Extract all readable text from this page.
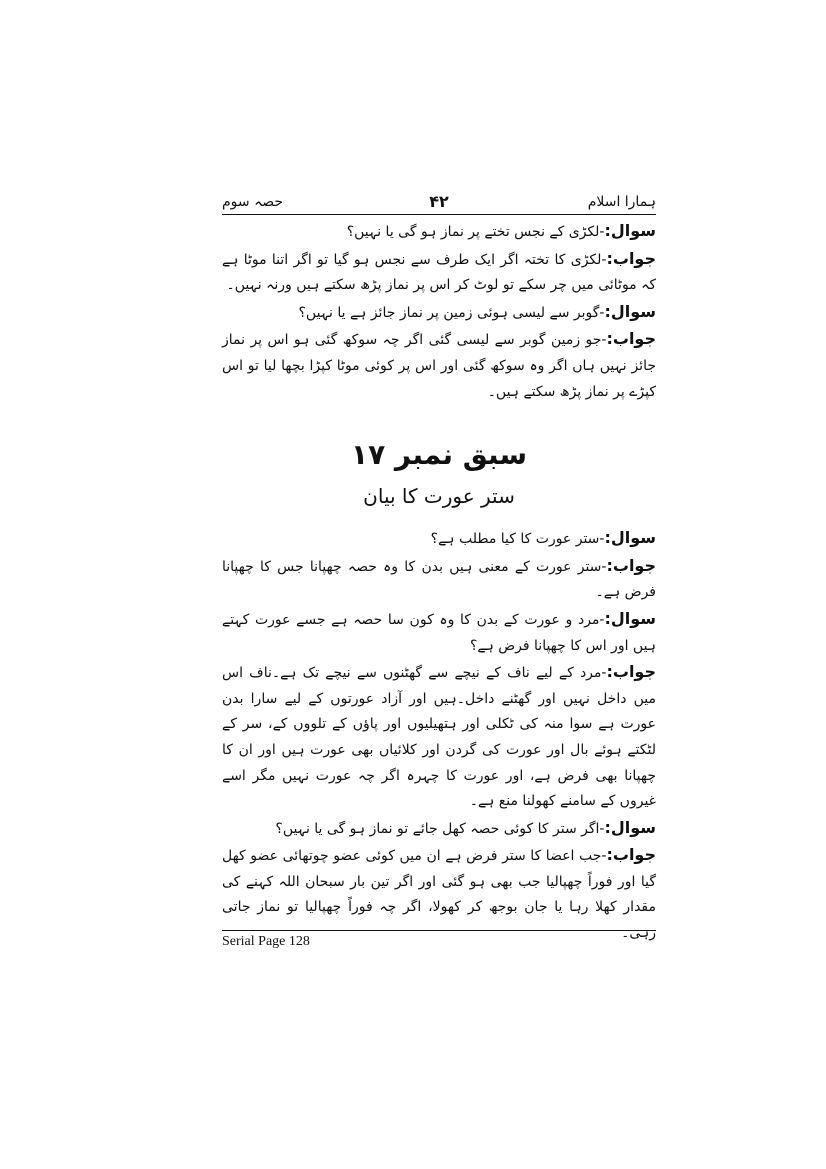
ہمارا اسلام
۴۲
حصہ سوم

سوال:-لکڑی کے نجس تختے پر نماز ہو گی یا نہیں؟

جواب:-لکڑی کا تختہ اگر ایک طرف سے نجس ہو گیا تو اگر اتنا موٹا ہے کہ موٹائی میں چر سکے تو لوٹ کر اس پر نماز پڑھ سکتے ہیں ورنہ نہیں۔

سوال:-گوبر سے لیسی ہوئی زمین پر نماز جائز ہے یا نہیں؟

جواب:-جو زمین گوبر سے لیسی گئی اگر چہ سوکھ گئی ہو اس پر نماز جائز نہیں ہاں اگر وہ سوکھ گئی اور اس پر کوئی موٹا کپڑا بچھا لیا تو اس کپڑے پر نماز پڑھ سکتے ہیں۔

سبق نمبر ۱۷
ستر عورت کا بیان

سوال:-ستر عورت کا کیا مطلب ہے؟

جواب:-ستر عورت کے معنی ہیں بدن کا وہ حصہ چھپانا جس کا چھپانا فرض ہے۔

سوال:-مرد و عورت کے بدن کا وہ کون سا حصہ ہے جسے عورت کہتے ہیں اور اس کا چھپانا فرض ہے؟

جواب:-مرد کے لیے ناف کے نیچے سے گھٹنوں سے نیچے تک ہے۔ناف اس میں داخل نہیں اور گھٹنے داخل۔ہیں اور آزاد عورتوں کے لیے سارا بدن عورت ہے سوا منہ کی ٹکلی اور ہتھیلیوں اور پاؤں کے تلووں کے، سر کے لٹکتے ہوئے بال اور عورت کی گردن اور کلائیاں بھی عورت ہیں اور ان کا چھپانا بھی فرض ہے، اور عورت کا چہرہ اگر چہ عورت نہیں مگر اسے غیروں کے سامنے کھولنا منع ہے۔

سوال:-اگر ستر کا کوئی حصہ کھل جائے تو نماز ہو گی یا نہیں؟

جواب:-جب اعضا کا ستر فرض ہے ان میں کوئی عضو چوتھائی عضو کھل گیا اور فوراً چھپالیا جب بھی ہو گئی اور اگر تین بار سبحان اللہ کہنے کی مقدار کھلا رہا یا جان بوجھ کر کھولا، اگر چہ فوراً چھپالیا تو نماز جاتی رہی۔

Serial Page 128
